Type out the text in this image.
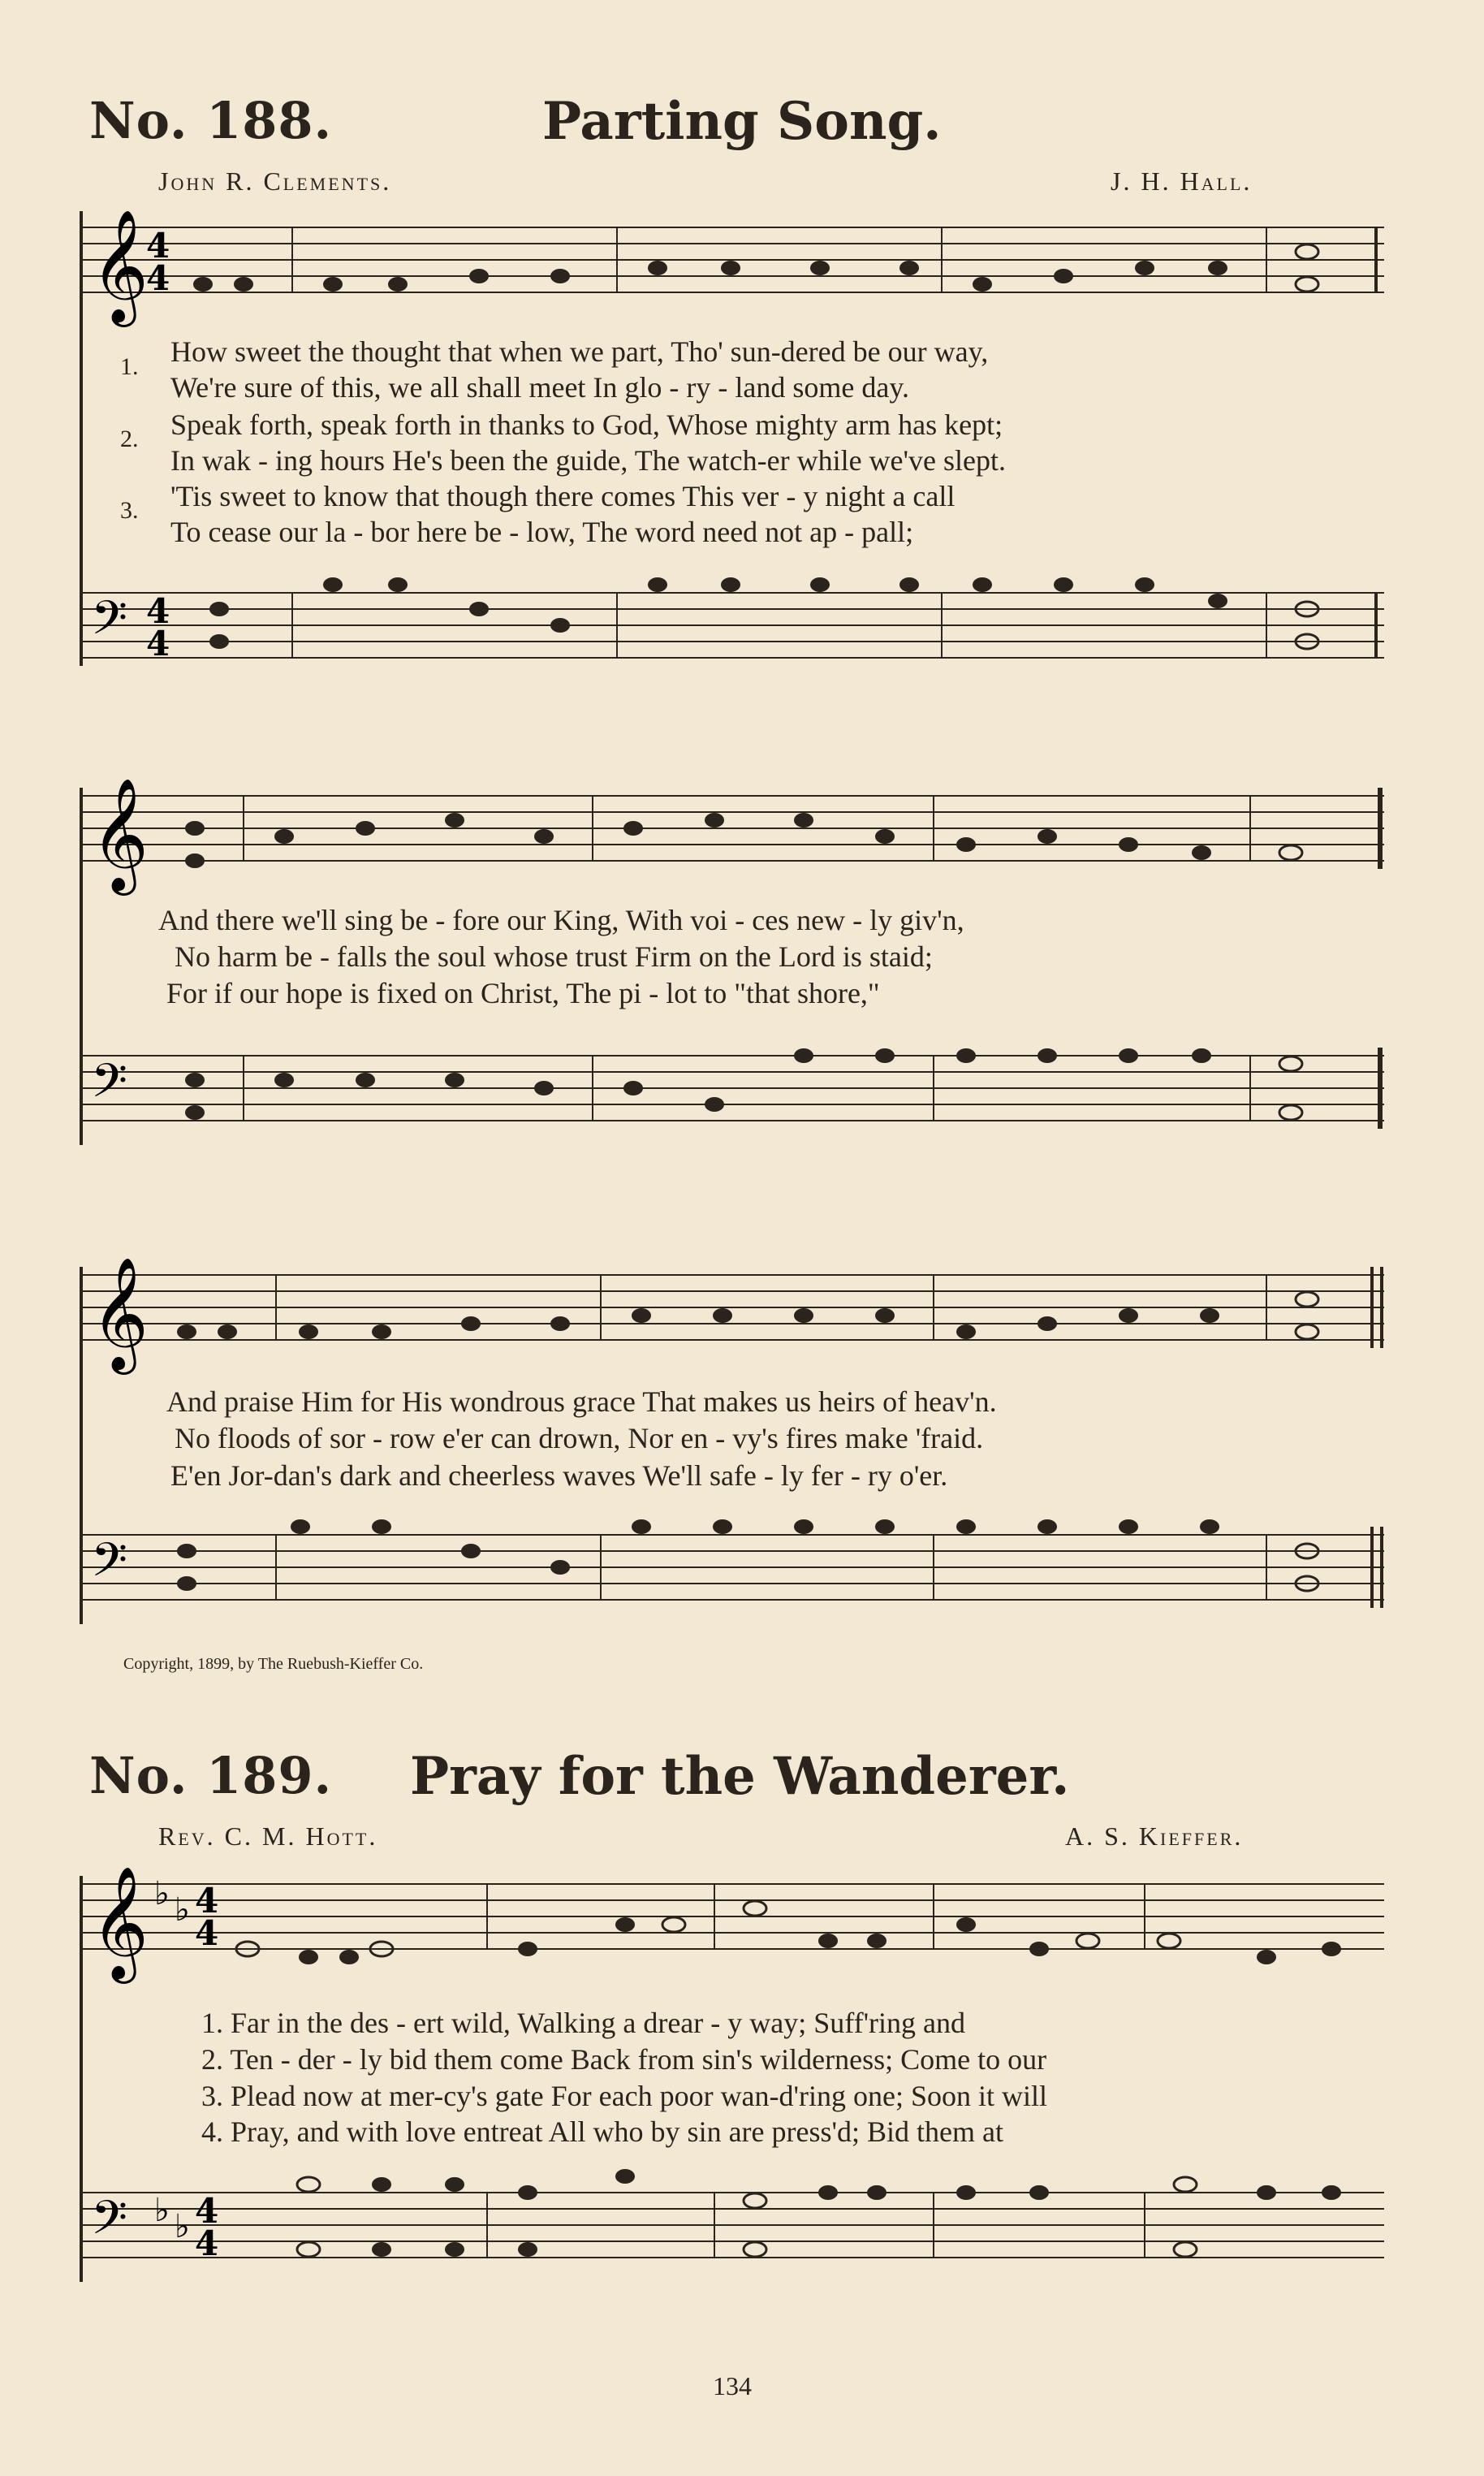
No. 188.	Parting Song.
John R. Clements.	J. H. Hall.
𝄞
4
4
1. How sweet the thought that when we part, Tho' sun-dered be our way,
We're sure of this, we all shall meet In glo - ry - land some day.
2. Speak forth, speak forth in thanks to God, Whose mighty arm has kept;
In wak - ing hours He's been the guide, The watch-er while we've slept.
3. 'Tis sweet to know that though there comes This ver - y night a call
To cease our la - bor here be - low, The word need not ap - pall;
𝄢 4
4
𝄞
And there we'll sing be - fore our King, With voi - ces new - ly giv'n,
No harm be - falls the soul whose trust Firm on the Lord is staid;
For if our hope is fixed on Christ, The pi - lot to "that shore,"
𝄢
𝄞
And praise Him for His wondrous grace That makes us heirs of heav'n.
No floods of sor - row e'er can drown, Nor en - vy's fires make 'fraid.
E'en Jor-dan's dark and cheerless waves We'll safe - ly fer - ry o'er.
𝄢
Copyright, 1899, by The Ruebush-Kieffer Co.
No. 189. Pray for the Wanderer.
Rev. C. M. Hott.	A. S. Kieffer.
𝄞 ♭ ♭ 4
4
1. Far in the des - ert wild, Walking a drear - y way; Suff'ring and
2. Ten - der - ly bid them come Back from sin's wilderness; Come to our
3. Plead now at mer-cy's gate For each poor wan-d'ring one; Soon it will
4. Pray, and with love entreat All who by sin are press'd; Bid them at
𝄢 ♭ ♭ 4
4
134
